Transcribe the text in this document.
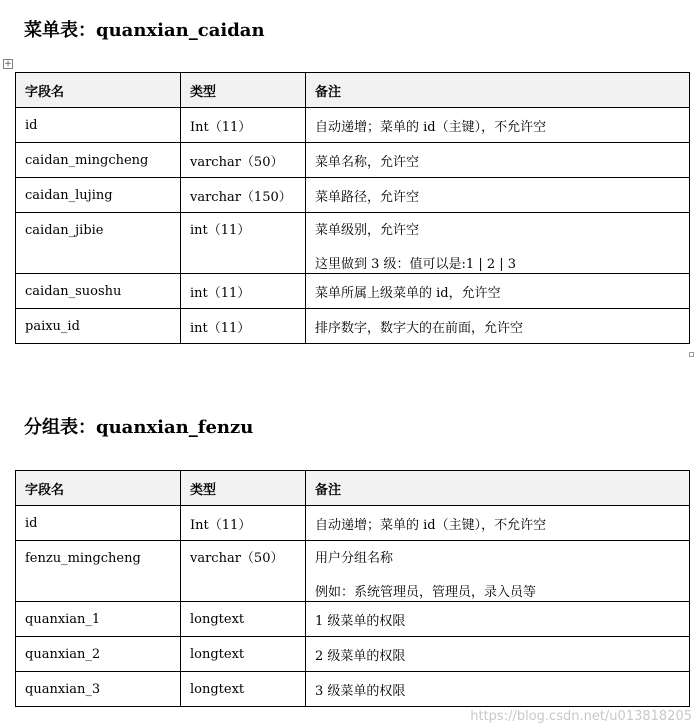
菜单表：quanxian_caidan
+
字段名	类型	备注
id	Int（11）	自动递增；菜单的 id（主键），不允许空
caidan_mingcheng	varchar（50）	菜单名称，允许空
caidan_lujing	varchar（150）	菜单路径，允许空

caidan_jibie	int（11）	菜单级别，允许空
这里做到 3 级：值可以是:1 | 2 | 3

caidan_suoshu	int（11）	菜单所属上级菜单的 id，允许空
paixu_id	int（11）	排序数字，数字大的在前面，允许空
分组表：quanxian_fenzu
字段名	类型	备注
id	Int（11）	自动递增；菜单的 id（主键），不允许空

fenzu_mingcheng	varchar（50）	用户分组名称
例如：系统管理员，管理员，录入员等

quanxian_1	longtext	1 级菜单的权限
quanxian_2	longtext	2 级菜单的权限
quanxian_3	longtext	3 级菜单的权限
https://blog.csdn.net/u013818205
